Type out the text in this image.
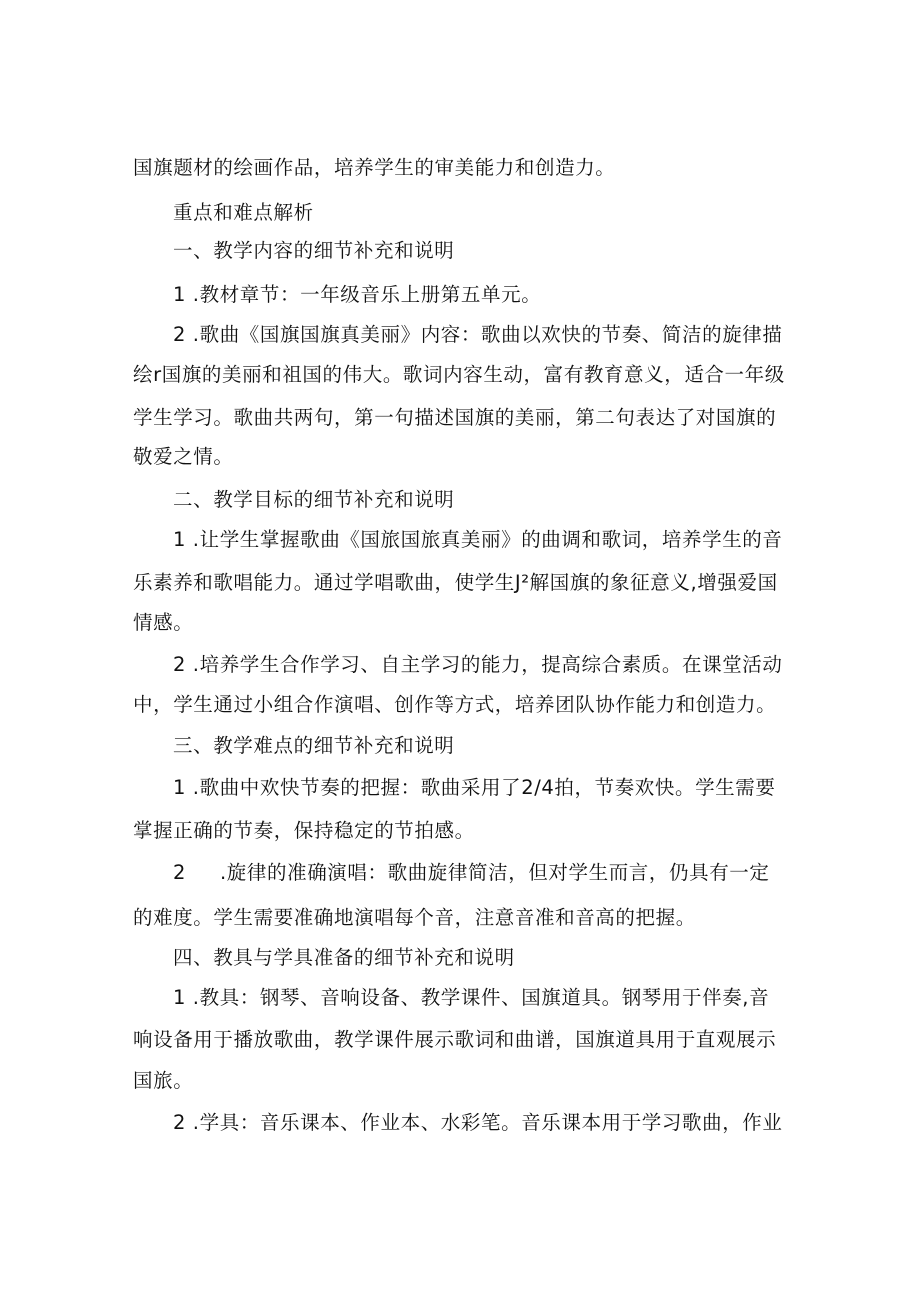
国旗题材的绘画作品，培养学生的审美能力和创造力。
重点和难点解析
一、教学内容的细节补充和说明
1 .教材章节：一年级音乐上册第五单元。
2 .歌曲《国旗国旗真美丽》内容：歌曲以欢快的节奏、简洁的旋律描
绘r国旗的美丽和祖国的伟大。歌词内容生动，富有教育意义，适合一年级
学生学习。歌曲共两句，第一句描述国旗的美丽，第二句表达了对国旗的
敬爱之情。
二、教学目标的细节补充和说明
1 .让学生掌握歌曲《国旅国旅真美丽》的曲调和歌词，培养学生的音
乐素养和歌唱能力。通过学唱歌曲，使学生J²解国旗的象征意义,增强爱国
情感。
2 .培养学生合作学习、自主学习的能力，提高综合素质。在课堂活动
中，学生通过小组合作演唱、创作等方式，培养团队协作能力和创造力。
三、教学难点的细节补充和说明
1 .歌曲中欢快节奏的把握：歌曲采用了2/4拍，节奏欢快。学生需要
掌握正确的节奏，保持稳定的节拍感。
2     .旋律的准确演唱：歌曲旋律简洁，但对学生而言，仍具有一定
的难度。学生需要准确地演唱每个音，注意音准和音高的把握。
四、教具与学具准备的细节补充和说明
1 .教具：钢琴、音响设备、教学课件、国旗道具。钢琴用于伴奏,音
响设备用于播放歌曲，教学课件展示歌词和曲谱，国旗道具用于直观展示
国旅。
2 .学具：音乐课本、作业本、水彩笔。音乐课本用于学习歌曲，作业
